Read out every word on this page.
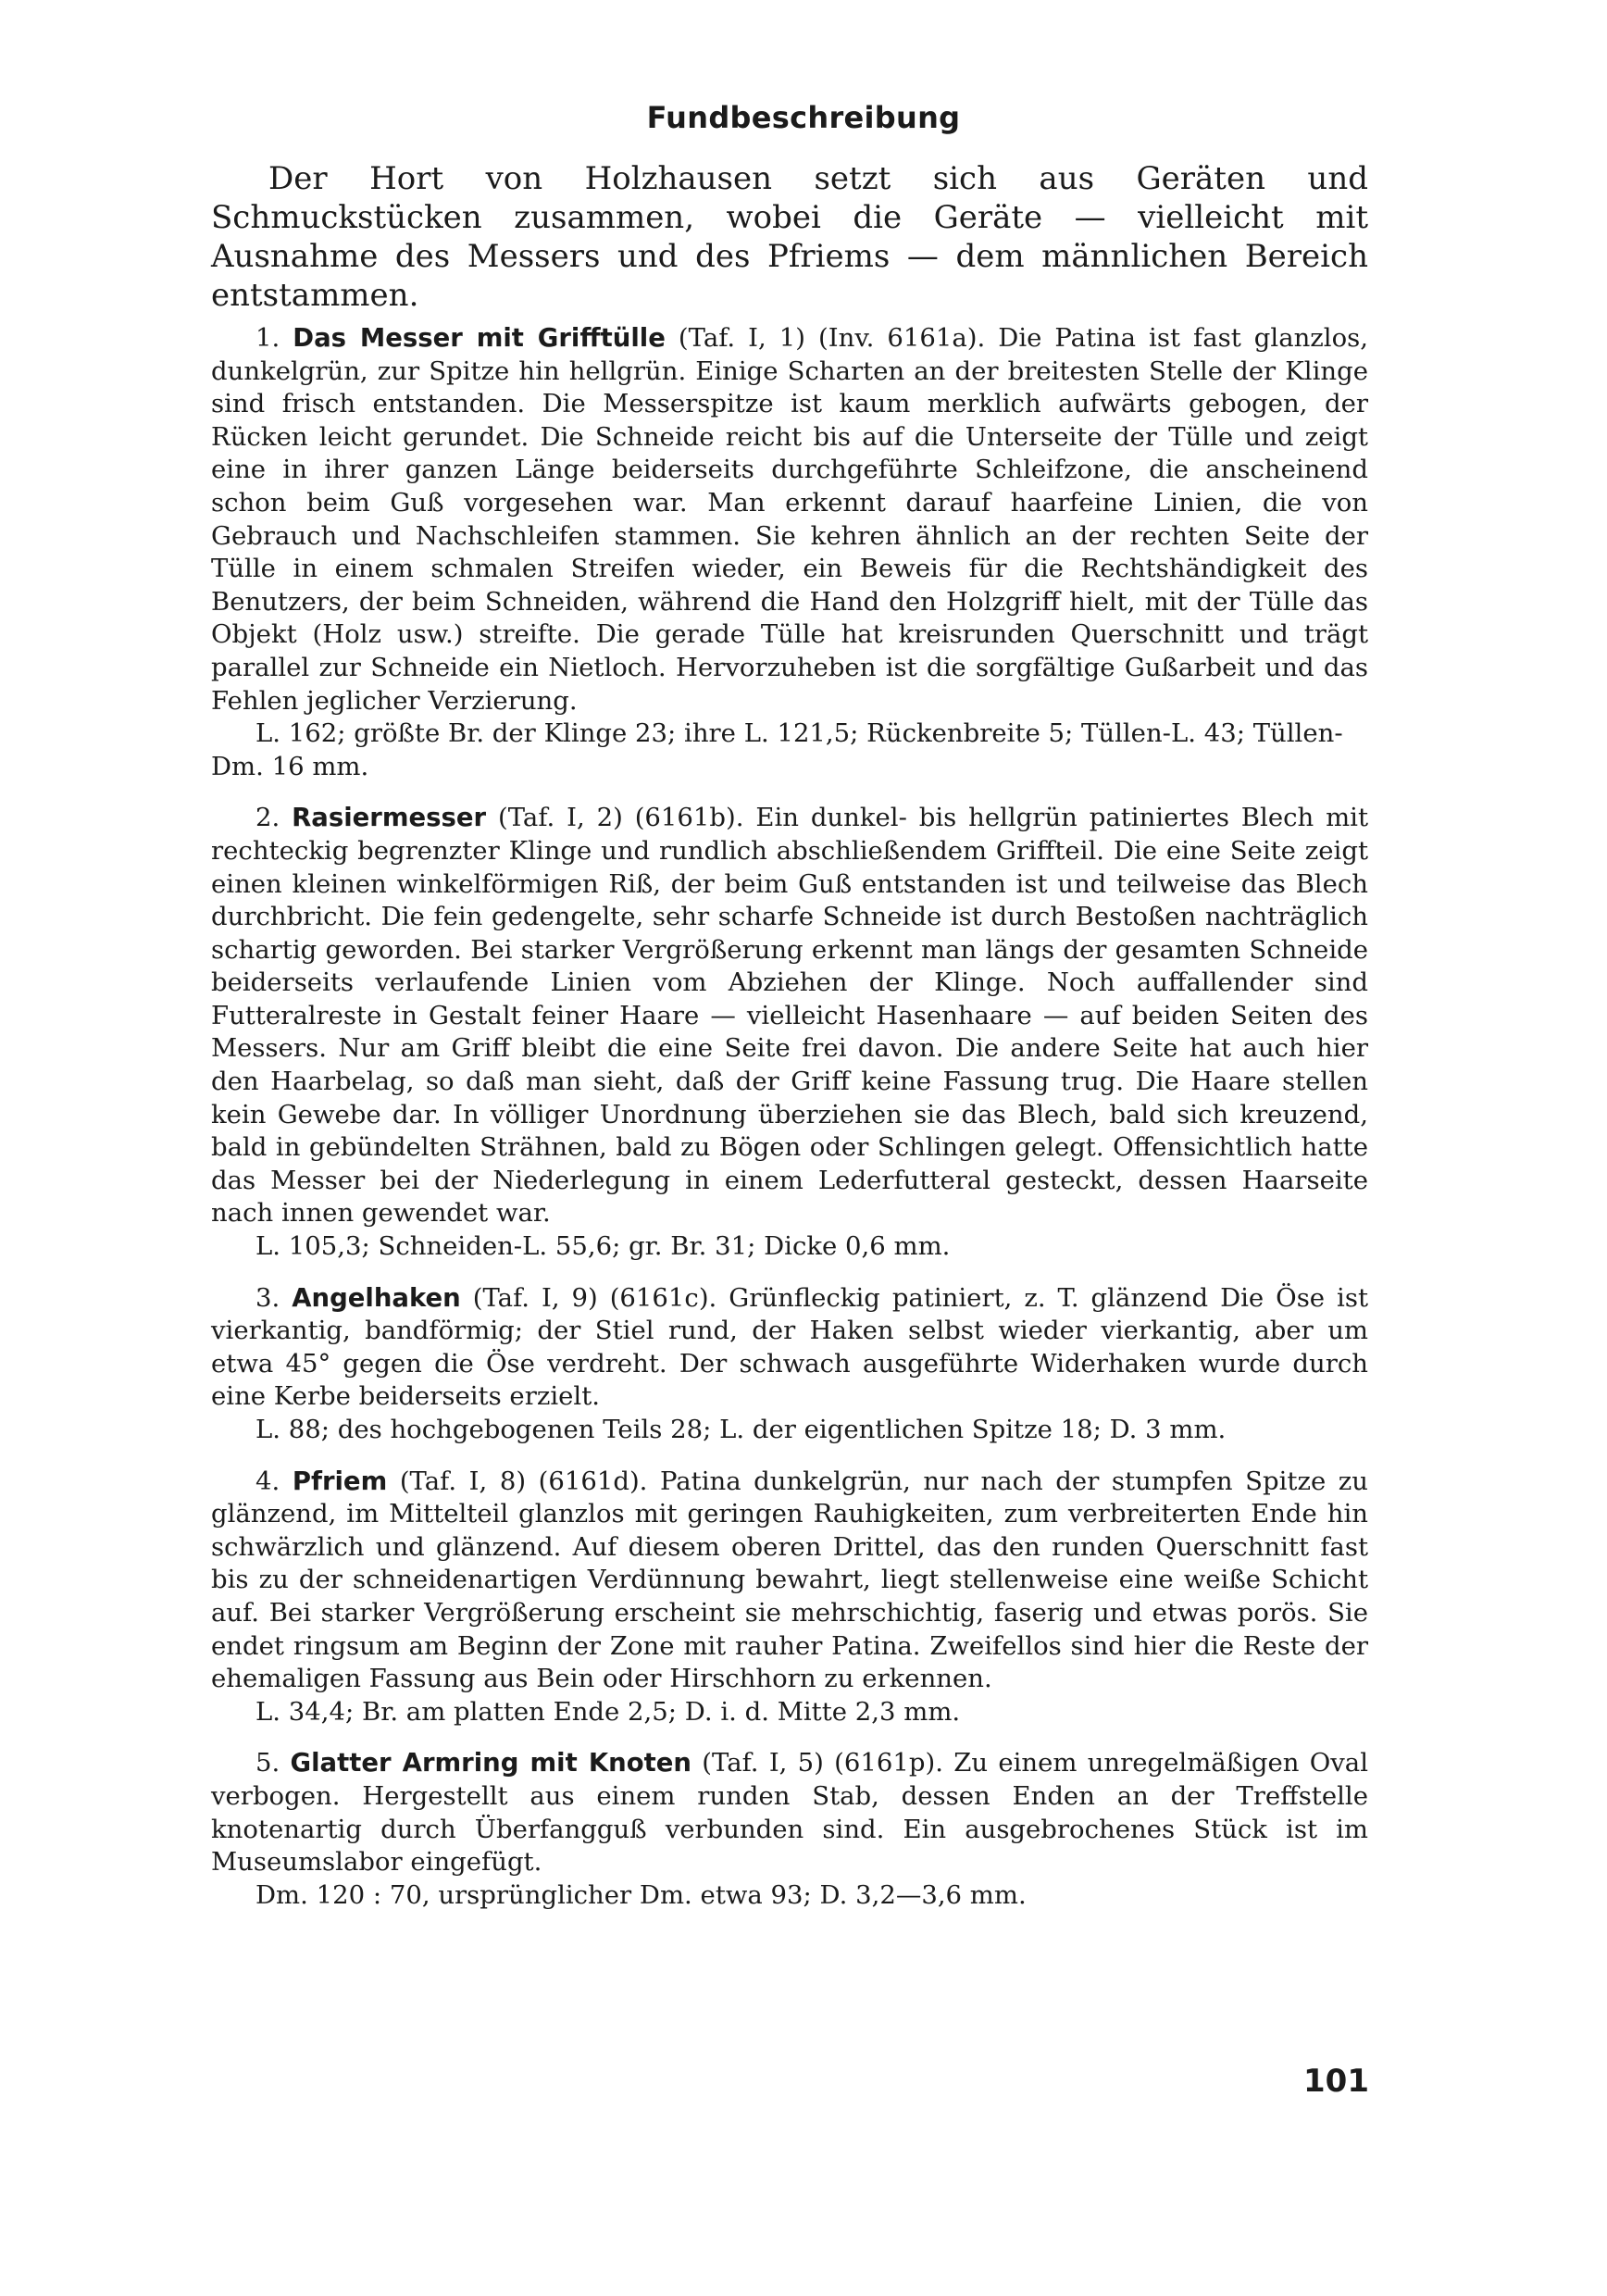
Fundbeschreibung

Der Hort von Holzhausen setzt sich aus Geräten und Schmuckstücken zusammen, wobei die Geräte — vielleicht mit Ausnahme des Messers und des Pfriems — dem männlichen Bereich entstammen.

1. Das Messer mit Grifftülle (Taf. I, 1) (Inv. 6161a). Die Patina ist fast glanzlos, dunkelgrün, zur Spitze hin hellgrün. Einige Scharten an der breitesten Stelle der Klinge sind frisch entstanden. Die Messerspitze ist kaum merklich aufwärts gebogen, der Rücken leicht gerundet. Die Schneide reicht bis auf die Unterseite der Tülle und zeigt eine in ihrer ganzen Länge beiderseits durchgeführte Schleifzone, die anscheinend schon beim Guß vorgesehen war. Man erkennt darauf haarfeine Linien, die von Gebrauch und Nachschleifen stammen. Sie kehren ähnlich an der rechten Seite der Tülle in einem schmalen Streifen wieder, ein Beweis für die Rechtshändigkeit des Benutzers, der beim Schneiden, während die Hand den Holzgriff hielt, mit der Tülle das Objekt (Holz usw.) streifte. Die gerade Tülle hat kreisrunden Querschnitt und trägt parallel zur Schneide ein Nietloch. Hervorzuheben ist die sorgfältige Gußarbeit und das Fehlen jeglicher Verzierung.

L. 162; größte Br. der Klinge 23; ihre L. 121,5; Rückenbreite 5; Tüllen-L. 43; Tüllen-Dm. 16 mm.

2. Rasiermesser (Taf. I, 2) (6161b). Ein dunkel- bis hellgrün patiniertes Blech mit rechteckig begrenzter Klinge und rundlich abschließendem Griffteil. Die eine Seite zeigt einen kleinen winkelförmigen Riß, der beim Guß entstanden ist und teilweise das Blech durchbricht. Die fein gedengelte, sehr scharfe Schneide ist durch Bestoßen nachträglich schartig geworden. Bei starker Vergrößerung erkennt man längs der gesamten Schneide beiderseits verlaufende Linien vom Abziehen der Klinge. Noch auffallender sind Futteralreste in Gestalt feiner Haare — vielleicht Hasenhaare — auf beiden Seiten des Messers. Nur am Griff bleibt die eine Seite frei davon. Die andere Seite hat auch hier den Haarbelag, so daß man sieht, daß der Griff keine Fassung trug. Die Haare stellen kein Gewebe dar. In völliger Unordnung überziehen sie das Blech, bald sich kreuzend, bald in gebündelten Strähnen, bald zu Bögen oder Schlingen gelegt. Offensichtlich hatte das Messer bei der Niederlegung in einem Lederfutteral gesteckt, dessen Haarseite nach innen gewendet war.

L. 105,3; Schneiden-L. 55,6; gr. Br. 31; Dicke 0,6 mm.

3. Angelhaken (Taf. I, 9) (6161c). Grünfleckig patiniert, z. T. glänzend Die Öse ist vierkantig, bandförmig; der Stiel rund, der Haken selbst wieder vierkantig, aber um etwa 45° gegen die Öse verdreht. Der schwach ausgeführte Widerhaken wurde durch eine Kerbe beiderseits erzielt.

L. 88; des hochgebogenen Teils 28; L. der eigentlichen Spitze 18; D. 3 mm.

4. Pfriem (Taf. I, 8) (6161d). Patina dunkelgrün, nur nach der stumpfen Spitze zu glänzend, im Mittelteil glanzlos mit geringen Rauhigkeiten, zum verbreiterten Ende hin schwärzlich und glänzend. Auf diesem oberen Drittel, das den runden Querschnitt fast bis zu der schneidenartigen Verdünnung bewahrt, liegt stellenweise eine weiße Schicht auf. Bei starker Vergrößerung erscheint sie mehrschichtig, faserig und etwas porös. Sie endet ringsum am Beginn der Zone mit rauher Patina. Zweifellos sind hier die Reste der ehemaligen Fassung aus Bein oder Hirschhorn zu erkennen.

L. 34,4; Br. am platten Ende 2,5; D. i. d. Mitte 2,3 mm.

5. Glatter Armring mit Knoten (Taf. I, 5) (6161p). Zu einem unregelmäßigen Oval verbogen. Hergestellt aus einem runden Stab, dessen Enden an der Treffstelle knotenartig durch Überfangguß verbunden sind. Ein ausgebrochenes Stück ist im Museumslabor eingefügt.

Dm. 120 : 70, ursprünglicher Dm. etwa 93; D. 3,2—3,6 mm.

101
